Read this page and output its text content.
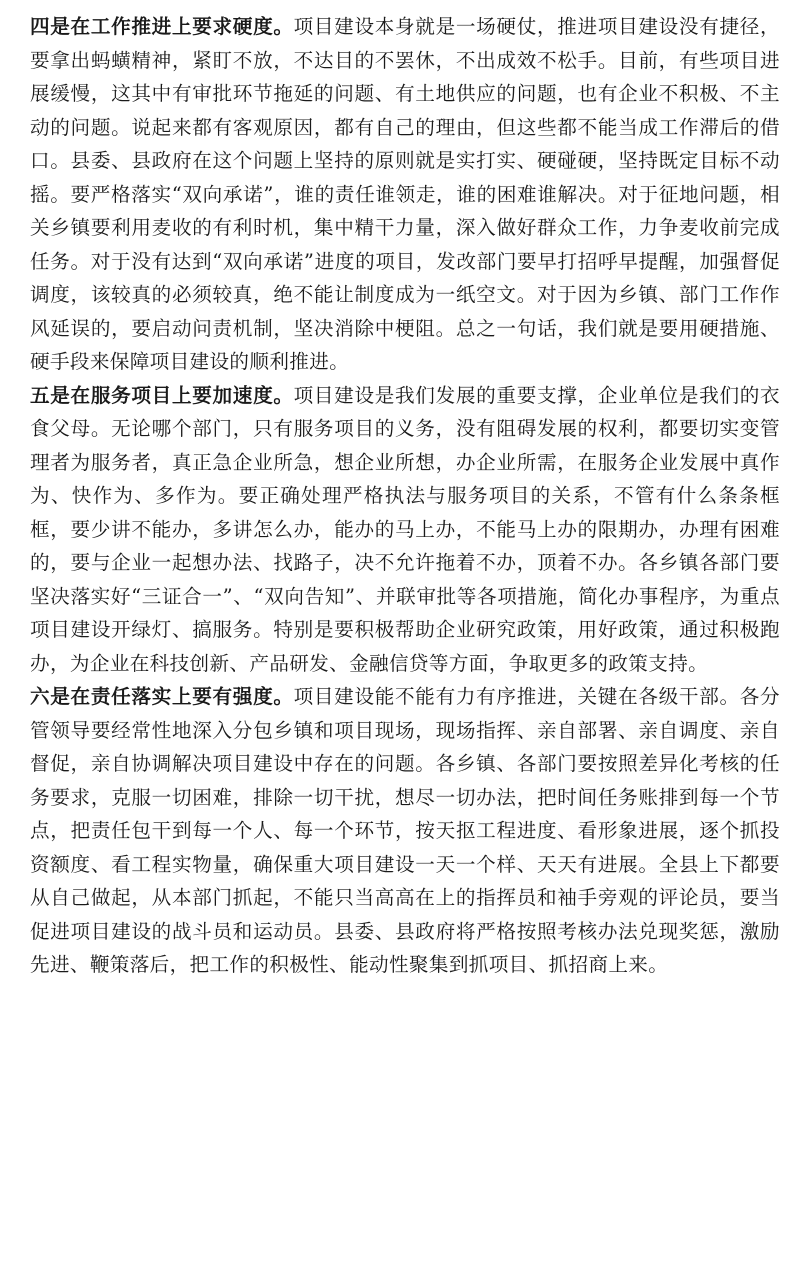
四是在工作推进上要求硬度。项目建设本身就是一场硬仗，推进项目建设没有捷径，要拿出蚂蟥精神，紧盯不放，不达目的不罢休，不出成效不松手。目前，有些项目进展缓慢，这其中有审批环节拖延的问题、有土地供应的问题，也有企业不积极、不主动的问题。说起来都有客观原因，都有自己的理由，但这些都不能当成工作滞后的借口。县委、县政府在这个问题上坚持的原则就是实打实、硬碰硬，坚持既定目标不动摇。要严格落实“双向承诺”，谁的责任谁领走，谁的困难谁解决。对于征地问题，相关乡镇要利用麦收的有利时机，集中精干力量，深入做好群众工作，力争麦收前完成任务。对于没有达到“双向承诺”进度的项目，发改部门要早打招呼早提醒，加强督促调度，该较真的必须较真，绝不能让制度成为一纸空文。对于因为乡镇、部门工作作风延误的，要启动问责机制，坚决消除中梗阻。总之一句话，我们就是要用硬措施、硬手段来保障项目建设的顺利推进。

五是在服务项目上要加速度。项目建设是我们发展的重要支撑，企业单位是我们的衣食父母。无论哪个部门，只有服务项目的义务，没有阻碍发展的权利，都要切实变管理者为服务者，真正急企业所急，想企业所想，办企业所需，在服务企业发展中真作为、快作为、多作为。要正确处理严格执法与服务项目的关系，不管有什么条条框框，要少讲不能办，多讲怎么办，能办的马上办，不能马上办的限期办，办理有困难的，要与企业一起想办法、找路子，决不允许拖着不办，顶着不办。各乡镇各部门要坚决落实好“三证合一”、“双向告知”、并联审批等各项措施，简化办事程序，为重点项目建设开绿灯、搞服务。特别是要积极帮助企业研究政策，用好政策，通过积极跑办，为企业在科技创新、产品研发、金融信贷等方面，争取更多的政策支持。

六是在责任落实上要有强度。项目建设能不能有力有序推进，关键在各级干部。各分管领导要经常性地深入分包乡镇和项目现场，现场指挥、亲自部署、亲自调度、亲自督促，亲自协调解决项目建设中存在的问题。各乡镇、各部门要按照差异化考核的任务要求，克服一切困难，排除一切干扰，想尽一切办法，把时间任务账排到每一个节点，把责任包干到每一个人、每一个环节，按天抠工程进度、看形象进展，逐个抓投资额度、看工程实物量，确保重大项目建设一天一个样、天天有进展。全县上下都要从自己做起，从本部门抓起，不能只当高高在上的指挥员和袖手旁观的评论员，要当促进项目建设的战斗员和运动员。县委、县政府将严格按照考核办法兑现奖惩，激励先进、鞭策落后，把工作的积极性、能动性聚集到抓项目、抓招商上来。
